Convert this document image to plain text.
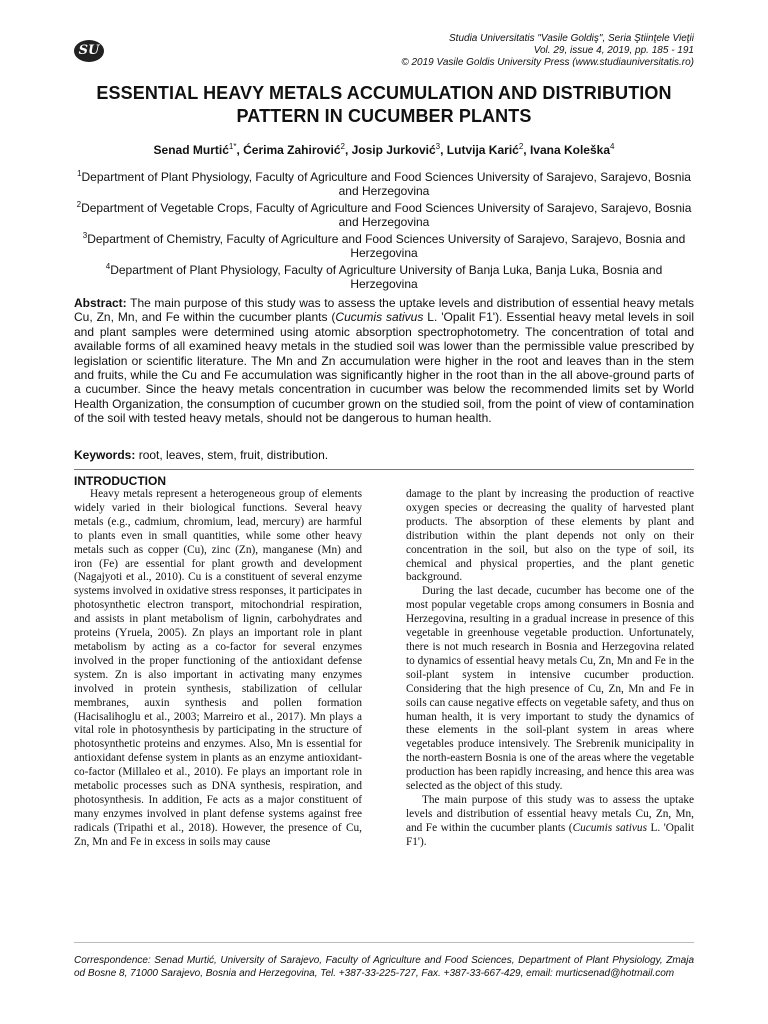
SU
Studia Universitatis "Vasile Goldiş", Seria Ştiinţele Vieţii
Vol. 29, issue 4, 2019, pp. 185 - 191
© 2019 Vasile Goldis University Press (www.studiauniversitatis.ro)
ESSENTIAL HEAVY METALS ACCUMULATION AND DISTRIBUTION PATTERN IN CUCUMBER PLANTS
Senad Murtić$^{1*}$, Ćerima Zahirović$^2$, Josip Jurković$^3$, Lutvija Karić$^2$, Ivana Koleška$^4$
$^1$Department of Plant Physiology, Faculty of Agriculture and Food Sciences University of Sarajevo, Sarajevo, Bosnia and Herzegovina
$^2$Department of Vegetable Crops, Faculty of Agriculture and Food Sciences University of Sarajevo, Sarajevo, Bosnia and Herzegovina
$^3$Department of Chemistry, Faculty of Agriculture and Food Sciences University of Sarajevo, Sarajevo, Bosnia and Herzegovina
$^4$Department of Plant Physiology, Faculty of Agriculture University of Banja Luka, Banja Luka, Bosnia and Herzegovina
Abstract: The main purpose of this study was to assess the uptake levels and distribution of essential heavy metals Cu, Zn, Mn, and Fe within the cucumber plants (Cucumis sativus L. 'Opalit F1'). Essential heavy metal levels in soil and plant samples were determined using atomic absorption spectrophotometry. The concentration of total and available forms of all examined heavy metals in the studied soil was lower than the permissible value prescribed by legislation or scientific literature. The Mn and Zn accumulation were higher in the root and leaves than in the stem and fruits, while the Cu and Fe accumulation was significantly higher in the root than in the all above-ground parts of a cucumber. Since the heavy metals concentration in cucumber was below the recommended limits set by World Health Organization, the consumption of cucumber grown on the studied soil, from the point of view of contamination of the soil with tested heavy metals, should not be dangerous to human health.
Keywords: root, leaves, stem, fruit, distribution.
INTRODUCTION

Heavy metals represent a heterogeneous group of elements widely varied in their biological functions. Several heavy metals (e.g., cadmium, chromium, lead, mercury) are harmful to plants even in small quantities, while some other heavy metals such as copper (Cu), zinc (Zn), manganese (Mn) and iron (Fe) are essential for plant growth and development (Nagajyoti et al., 2010). Cu is a constituent of several enzyme systems involved in oxidative stress responses, it participates in photosynthetic electron transport, mitochondrial respiration, and assists in plant metabolism of lignin, carbohydrates and proteins (Yruela, 2005). Zn plays an important role in plant metabolism by acting as a co-factor for several enzymes involved in the proper functioning of the antioxidant defense system. Zn is also important in activating many enzymes involved in protein synthesis, stabilization of cellular membranes, auxin synthesis and pollen formation (Hacisalihoglu et al., 2003; Marreiro et al., 2017). Mn plays a vital role in photosynthesis by participating in the structure of photosynthetic proteins and enzymes. Also, Mn is essential for antioxidant defense system in plants as an enzyme antioxidant-co-factor (Millaleo et al., 2010). Fe plays an important role in metabolic processes such as DNA synthesis, respiration, and photosynthesis. In addition, Fe acts as a major constituent of many enzymes involved in plant defense systems against free radicals (Tripathi et al., 2018). However, the presence of Cu, Zn, Mn and Fe in excess in soils may cause

damage to the plant by increasing the production of reactive oxygen species or decreasing the quality of harvested plant products. The absorption of these elements by plant and distribution within the plant depends not only on their concentration in the soil, but also on the type of soil, its chemical and physical properties, and the plant genetic background.

During the last decade, cucumber has become one of the most popular vegetable crops among consumers in Bosnia and Herzegovina, resulting in a gradual increase in presence of this vegetable in greenhouse vegetable production. Unfortunately, there is not much research in Bosnia and Herzegovina related to dynamics of essential heavy metals Cu, Zn, Mn and Fe in the soil-plant system in intensive cucumber production. Considering that the high presence of Cu, Zn, Mn and Fe in soils can cause negative effects on vegetable safety, and thus on human health, it is very important to study the dynamics of these elements in the soil-plant system in areas where vegetables produce intensively. The Srebrenik municipality in the north-eastern Bosnia is one of the areas where the vegetable production has been rapidly increasing, and hence this area was selected as the object of this study.

The main purpose of this study was to assess the uptake levels and distribution of essential heavy metals Cu, Zn, Mn, and Fe within the cucumber plants (Cucumis sativus L. 'Opalit F1').

Correspondence: Senad Murtić, University of Sarajevo, Faculty of Agriculture and Food Sciences, Department of Plant Physiology, Zmaja od Bosne 8, 71000 Sarajevo, Bosnia and Herzegovina, Tel. +387-33-225-727, Fax. +387-33-667-429, email: murticsenad@hotmail.com
